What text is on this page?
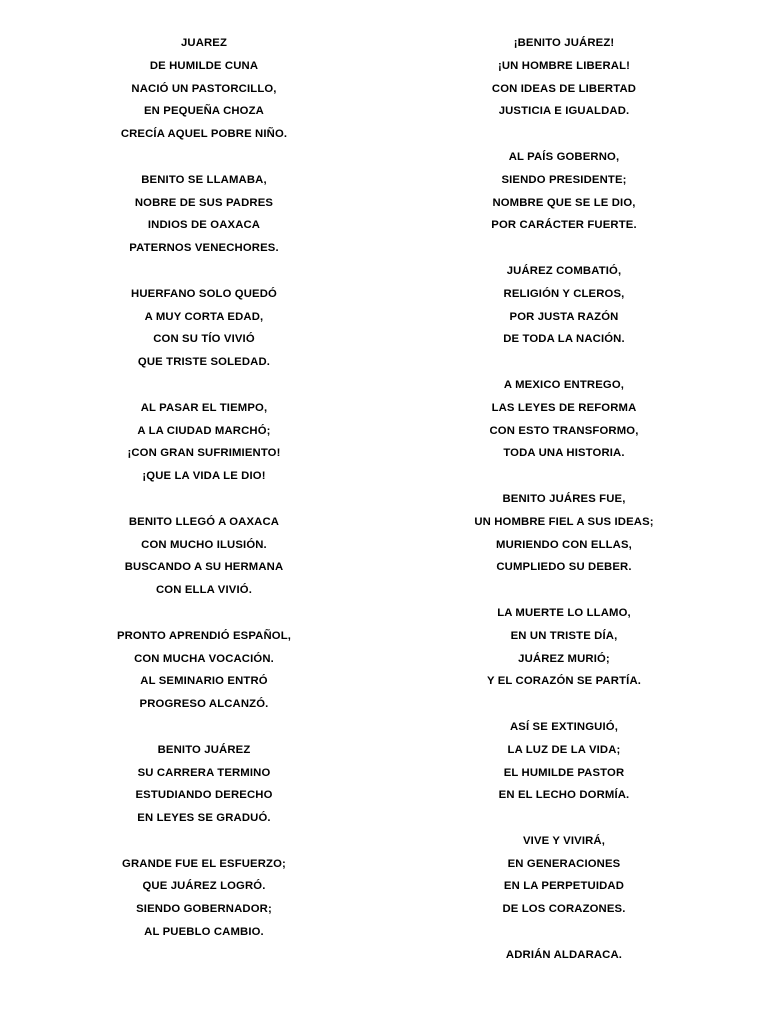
JUAREZ
DE HUMILDE CUNA
NACIÓ UN PASTORCILLO,
EN PEQUEÑA CHOZA
CRECÍA AQUEL POBRE NIÑO.
BENITO SE LLAMABA,
NOBRE DE SUS PADRES
INDIOS DE OAXACA
PATERNOS VENECHORES.
HUERFANO SOLO QUEDÓ
A MUY CORTA EDAD,
CON SU TÍO VIVIÓ
QUE TRISTE SOLEDAD.
AL PASAR EL TIEMPO,
A LA CIUDAD MARCHÓ;
¡CON GRAN SUFRIMIENTO!
¡QUE LA VIDA LE DIO!
BENITO LLEGÓ A OAXACA
CON MUCHO ILUSIÓN.
BUSCANDO A SU HERMANA
CON ELLA VIVIÓ.
PRONTO APRENDIÓ ESPAÑOL,
CON MUCHA VOCACIÓN.
AL SEMINARIO ENTRÓ
PROGRESO ALCANZÓ.
BENITO JUÁREZ
SU CARRERA TERMINO
ESTUDIANDO DERECHO
EN LEYES SE GRADUÓ.
GRANDE FUE EL ESFUERZO;
QUE JUÁREZ LOGRÓ.
SIENDO GOBERNADOR;
AL PUEBLO CAMBIO.
¡BENITO JUÁREZ!
¡UN HOMBRE LIBERAL!
CON IDEAS DE LIBERTAD
JUSTICIA E IGUALDAD.
AL PAÍS GOBERNO,
SIENDO PRESIDENTE;
NOMBRE QUE SE LE DIO,
POR CARÁCTER FUERTE.
JUÁREZ COMBATIÓ,
RELIGIÓN Y CLEROS,
POR JUSTA RAZÓN
DE TODA LA NACIÓN.
A MEXICO ENTREGO,
LAS LEYES DE REFORMA
CON ESTO TRANSFORMO,
TODA UNA HISTORIA.
BENITO JUÁRES FUE,
UN HOMBRE FIEL A SUS IDEAS;
MURIENDO CON ELLAS,
CUMPLIEDO SU DEBER.
LA MUERTE LO LLAMO,
EN UN TRISTE DÍA,
JUÁREZ MURIÓ;
Y EL CORAZÓN SE PARTÍA.
ASÍ SE EXTINGUIÓ,
LA LUZ DE LA VIDA;
EL HUMILDE PASTOR
EN EL LECHO DORMÍA.
VIVE Y VIVIRÁ,
EN GENERACIONES
EN LA PERPETUIDAD
DE LOS CORAZONES.
ADRIÁN ALDARACA.
